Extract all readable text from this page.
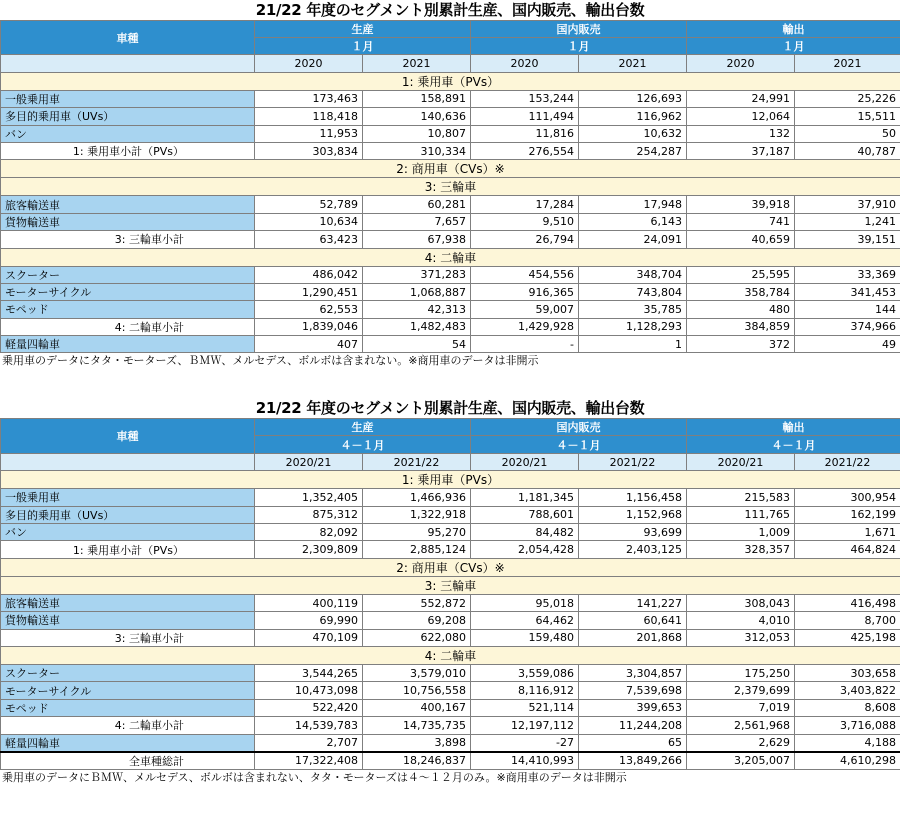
21/22 年度のセグメント別累計生産、国内販売、輸出台数
車種	生産		国内販売		輸出	
	１月		１月		１月	
	2020	2021	2020	2021	2020	2021
1: 乗用車（PVs）						
一般乗用車	173,463	158,891	153,244	126,693	24,991	25,226
多目的乗用車（UVs）	118,418	140,636	111,494	116,962	12,064	15,511
バン	11,953	10,807	11,816	10,632	132	50
1: 乗用車小計（PVs）	303,834	310,334	276,554	254,287	37,187	40,787
2: 商用車（CVs）※						
3: 三輪車						
旅客輸送車	52,789	60,281	17,284	17,948	39,918	37,910
貨物輸送車	10,634	7,657	9,510	6,143	741	1,241
3: 三輪車小計	63,423	67,938	26,794	24,091	40,659	39,151
4: 二輪車						
スクーター	486,042	371,283	454,556	348,704	25,595	33,369
モーターサイクル	1,290,451	1,068,887	916,365	743,804	358,784	341,453
モペッド	62,553	42,313	59,007	35,785	480	144
4: 二輪車小計	1,839,046	1,482,483	1,429,928	1,128,293	384,859	374,966
軽量四輪車	407	54	-	1	372	49
乗用車のデータにタタ・モーターズ、ＢＭＷ、メルセデス、ボルボは含まれない。※商用車のデータは非開示
21/22 年度のセグメント別累計生産、国内販売、輸出台数
車種	生産		国内販売		輸出	
	４－１月		４－１月		４－１月	
	2020/21	2021/22	2020/21	2021/22	2020/21	2021/22
1: 乗用車（PVs）						
一般乗用車	1,352,405	1,466,936	1,181,345	1,156,458	215,583	300,954
多目的乗用車（UVs）	875,312	1,322,918	788,601	1,152,968	111,765	162,199
バン	82,092	95,270	84,482	93,699	1,009	1,671
1: 乗用車小計（PVs）	2,309,809	2,885,124	2,054,428	2,403,125	328,357	464,824
2: 商用車（CVs）※						
3: 三輪車						
旅客輸送車	400,119	552,872	95,018	141,227	308,043	416,498
貨物輸送車	69,990	69,208	64,462	60,641	4,010	8,700
3: 三輪車小計	470,109	622,080	159,480	201,868	312,053	425,198
4: 二輪車						
スクーター	3,544,265	3,579,010	3,559,086	3,304,857	175,250	303,658
モーターサイクル	10,473,098	10,756,558	8,116,912	7,539,698	2,379,699	3,403,822
モペッド	522,420	400,167	521,114	399,653	7,019	8,608
4: 二輪車小計	14,539,783	14,735,735	12,197,112	11,244,208	2,561,968	3,716,088
軽量四輪車	2,707	3,898	-27	65	2,629	4,188
全車種総計	17,322,408	18,246,837	14,410,993	13,849,266	3,205,007	4,610,298
乗用車のデータにＢＭＷ、メルセデス、ボルボは含まれない、タタ・モーターズは４～１２月のみ。※商用車のデータは非開示
